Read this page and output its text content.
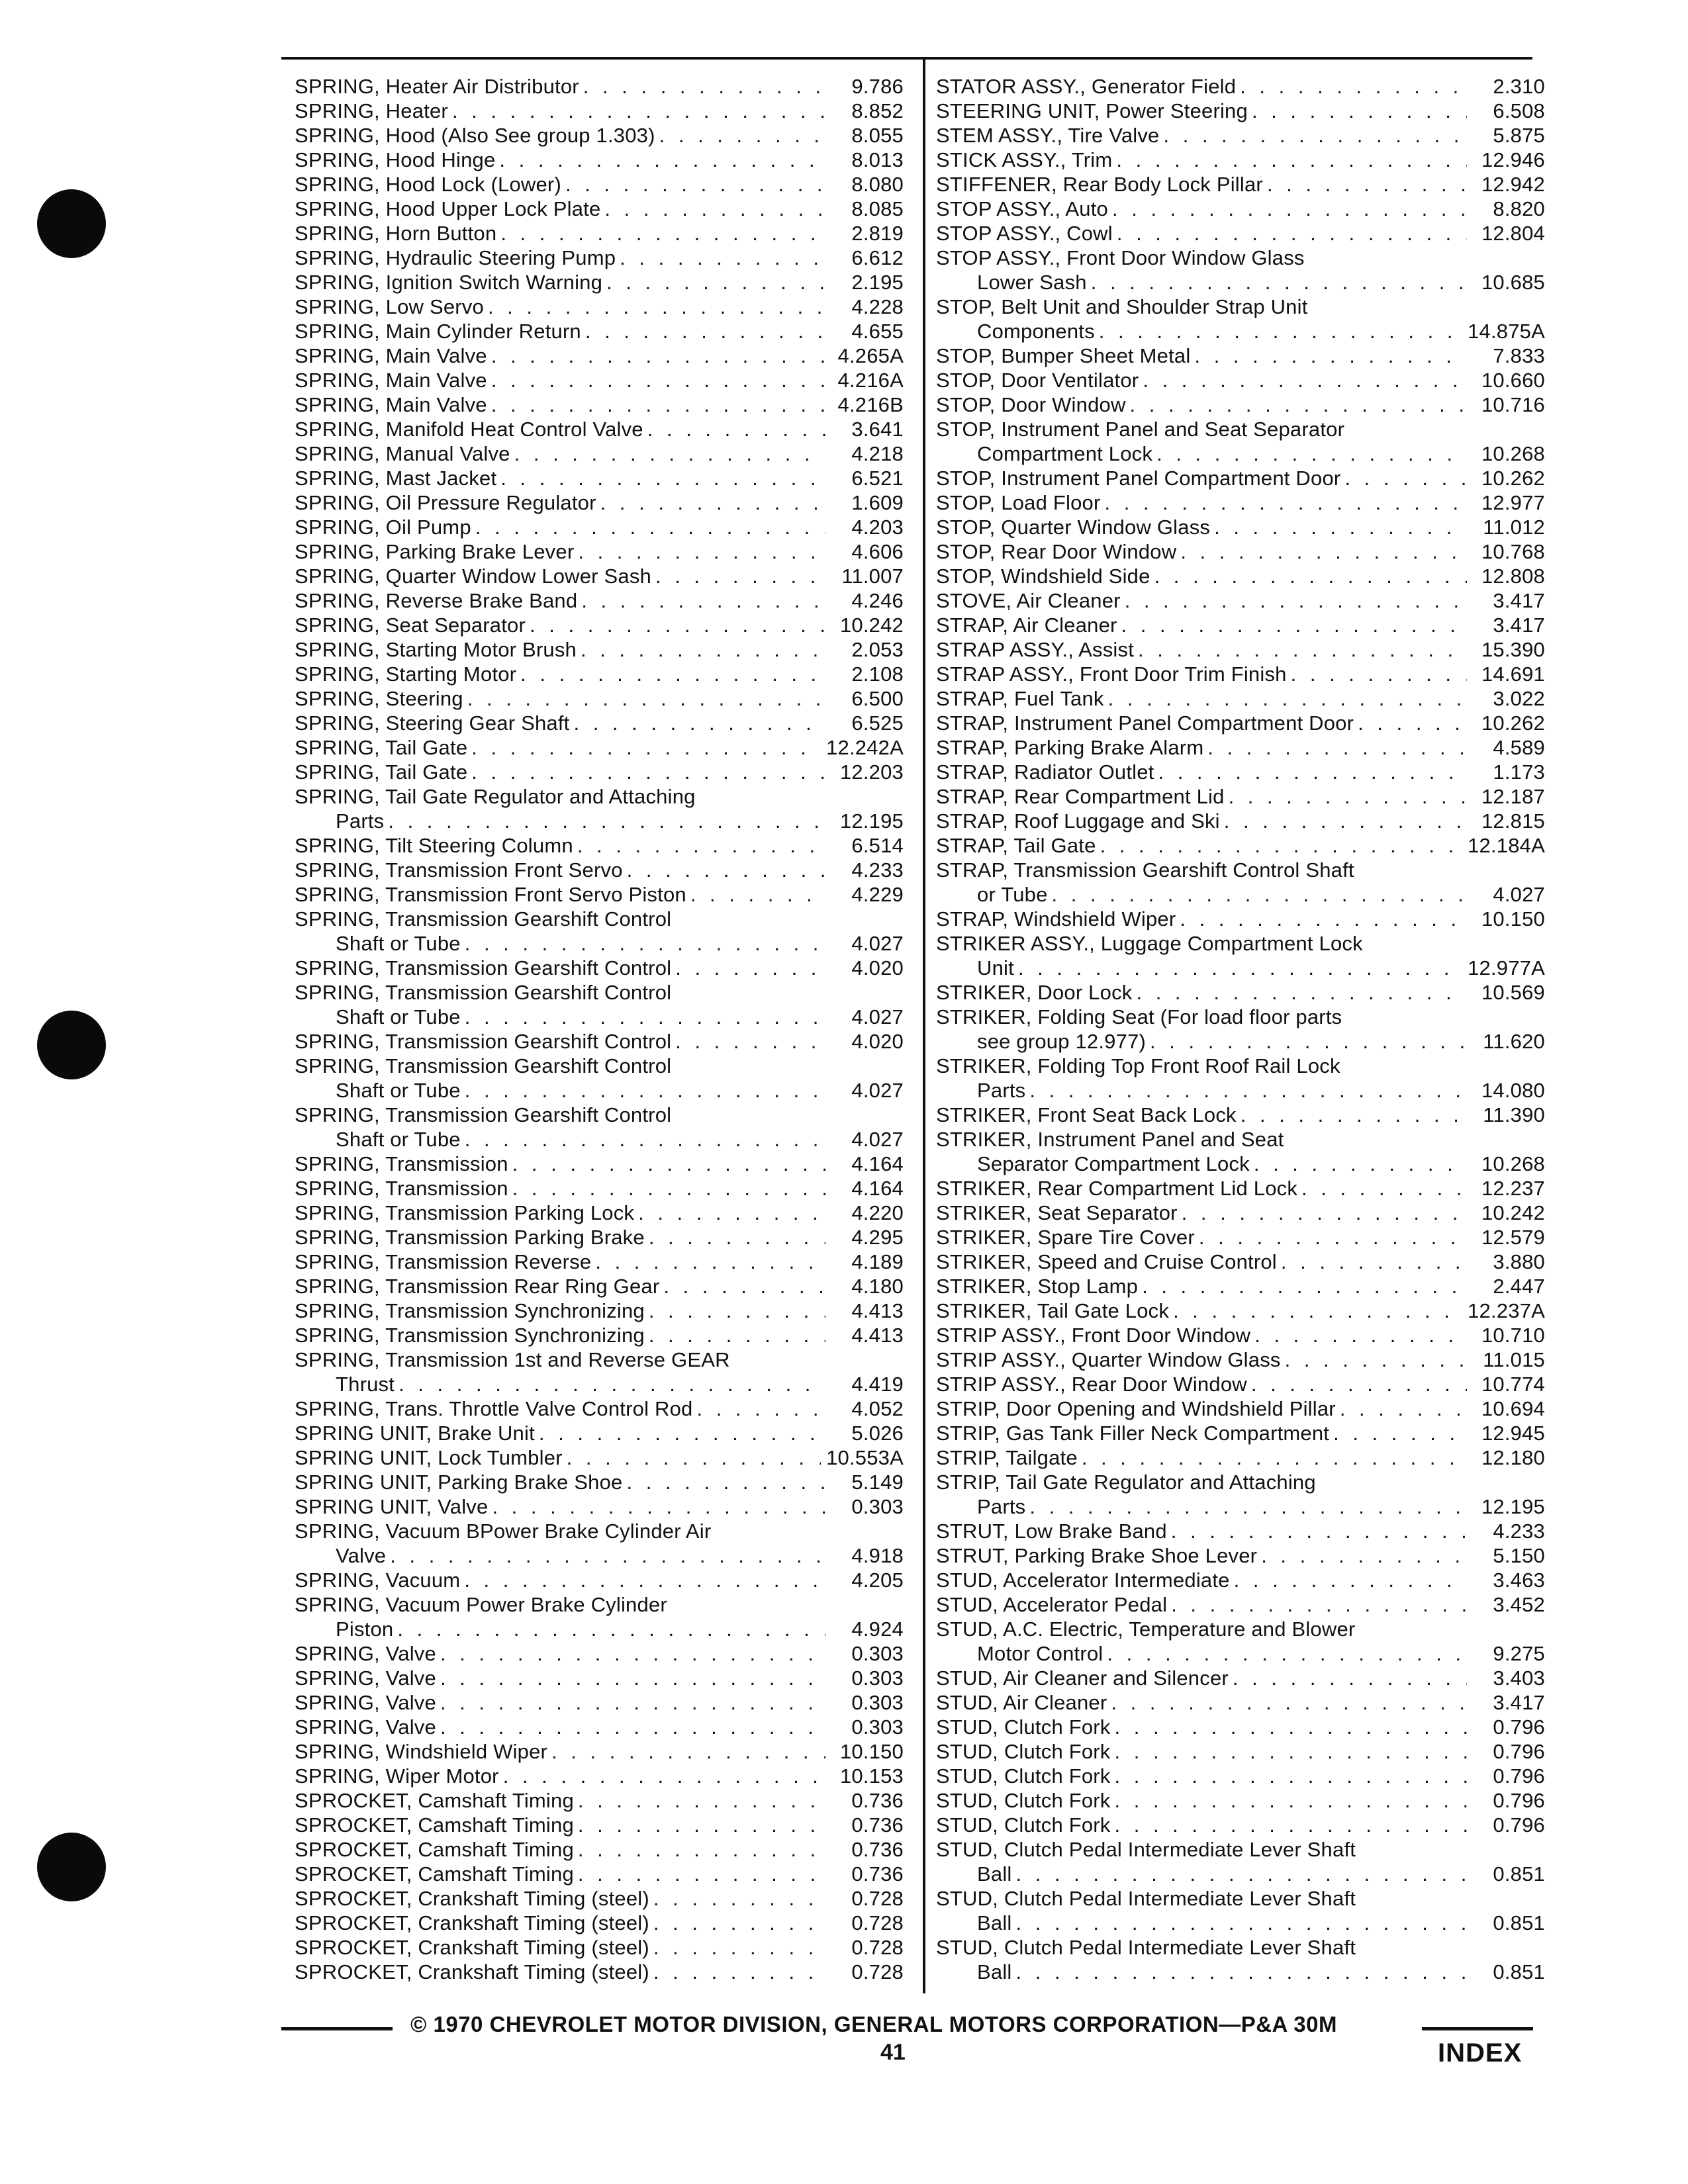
SPRING, Heater Air Distributor . . .	9.786
SPRING, Heater . . .	8.852
SPRING, Hood (Also See group 1.303) . . .	8.055
SPRING, Hood Hinge . . .	8.013
SPRING, Hood Lock (Lower) . . .	8.080
SPRING, Hood Upper Lock Plate . . .	8.085
SPRING, Horn Button . . .	2.819
SPRING, Hydraulic Steering Pump . . .	6.612
SPRING, Ignition Switch Warning . . .	2.195
SPRING, Low Servo . . .	4.228
SPRING, Main Cylinder Return . . .	4.655
SPRING, Main Valve . . .	4.265A
SPRING, Main Valve . . .	4.216A
SPRING, Main Valve . . .	4.216B
SPRING, Manifold Heat Control Valve . . .	3.641
SPRING, Manual Valve . . .	4.218
SPRING, Mast Jacket . . .	6.521
SPRING, Oil Pressure Regulator . . .	1.609
SPRING, Oil Pump . . .	4.203
SPRING, Parking Brake Lever . . .	4.606
SPRING, Quarter Window Lower Sash . . .	11.007
SPRING, Reverse Brake Band . . .	4.246
SPRING, Seat Separator . . .	10.242
SPRING, Starting Motor Brush . . .	2.053
SPRING, Starting Motor . . .	2.108
SPRING, Steering . . .	6.500
SPRING, Steering Gear Shaft . . .	6.525
SPRING, Tail Gate . . .	12.242A
SPRING, Tail Gate . . .	12.203
SPRING, Tail Gate Regulator and Attaching
Parts . . .	12.195
SPRING, Tilt Steering Column . . .	6.514
SPRING, Transmission Front Servo . . .	4.233
SPRING, Transmission Front Servo Piston . . .	4.229
SPRING, Transmission Gearshift Control
Shaft or Tube . . .	4.027
SPRING, Transmission Gearshift Control . . .	4.020
SPRING, Transmission Gearshift Control
Shaft or Tube . . .	4.027
SPRING, Transmission Gearshift Control . . .	4.020
SPRING, Transmission Gearshift Control
Shaft or Tube . . .	4.027
SPRING, Transmission Gearshift Control
Shaft or Tube . . .	4.027
SPRING, Transmission . . .	4.164
SPRING, Transmission . . .	4.164
SPRING, Transmission Parking Lock . . .	4.220
SPRING, Transmission Parking Brake . . .	4.295
SPRING, Transmission Reverse . . .	4.189
SPRING, Transmission Rear Ring Gear . . .	4.180
SPRING, Transmission Synchronizing . . .	4.413
SPRING, Transmission Synchronizing . . .	4.413
SPRING, Transmission 1st and Reverse GEAR
Thrust . . .	4.419
SPRING, Trans. Throttle Valve Control Rod . . .	4.052
SPRING UNIT, Brake Unit . . .	5.026
SPRING UNIT, Lock Tumbler . . .	10.553A
SPRING UNIT, Parking Brake Shoe . . .	5.149
SPRING UNIT, Valve . . .	0.303
SPRING, Vacuum BPower Brake Cylinder Air
Valve . . .	4.918
SPRING, Vacuum . . .	4.205
SPRING, Vacuum Power Brake Cylinder
Piston . . .	4.924
SPRING, Valve . . .	0.303
SPRING, Valve . . .	0.303
SPRING, Valve . . .	0.303
SPRING, Valve . . .	0.303
SPRING, Windshield Wiper . . .	10.150
SPRING, Wiper Motor . . .	10.153
SPROCKET, Camshaft Timing . . .	0.736
SPROCKET, Camshaft Timing . . .	0.736
SPROCKET, Camshaft Timing . . .	0.736
SPROCKET, Camshaft Timing . . .	0.736
SPROCKET, Crankshaft Timing (steel) . . .	0.728
SPROCKET, Crankshaft Timing (steel) . . .	0.728
SPROCKET, Crankshaft Timing (steel) . . .	0.728
SPROCKET, Crankshaft Timing (steel) . . .	0.728
STATOR ASSY., Generator Field . . .	2.310
STEERING UNIT, Power Steering . . .	6.508
STEM ASSY., Tire Valve . . .	5.875
STICK ASSY., Trim . . .	12.946
STIFFENER, Rear Body Lock Pillar . . .	12.942
STOP ASSY., Auto . . .	8.820
STOP ASSY., Cowl . . .	12.804
STOP ASSY., Front Door Window Glass
Lower Sash . . .	10.685
STOP, Belt Unit and Shoulder Strap Unit
Components . . .	14.875A
STOP, Bumper Sheet Metal . . .	7.833
STOP, Door Ventilator . . .	10.660
STOP, Door Window . . .	10.716
STOP, Instrument Panel and Seat Separator
Compartment Lock . . .	10.268
STOP, Instrument Panel Compartment Door . . .	10.262
STOP, Load Floor . . .	12.977
STOP, Quarter Window Glass . . .	11.012
STOP, Rear Door Window . . .	10.768
STOP, Windshield Side . . .	12.808
STOVE, Air Cleaner . . .	3.417
STRAP, Air Cleaner . . .	3.417
STRAP ASSY., Assist . . .	15.390
STRAP ASSY., Front Door Trim Finish . . .	14.691
STRAP, Fuel Tank . . .	3.022
STRAP, Instrument Panel Compartment Door . . .	10.262
STRAP, Parking Brake Alarm . . .	4.589
STRAP, Radiator Outlet . . .	1.173
STRAP, Rear Compartment Lid . . .	12.187
STRAP, Roof Luggage and Ski . . .	12.815
STRAP, Tail Gate . . .	12.184A
STRAP, Transmission Gearshift Control Shaft
or Tube . . .	4.027
STRAP, Windshield Wiper . . .	10.150
STRIKER ASSY., Luggage Compartment Lock
Unit . . .	12.977A
STRIKER, Door Lock . . .	10.569
STRIKER, Folding Seat (For load floor parts
see group 12.977) . . .	11.620
STRIKER, Folding Top Front Roof Rail Lock
Parts . . .	14.080
STRIKER, Front Seat Back Lock . . .	11.390
STRIKER, Instrument Panel and Seat
Separator Compartment Lock . . .	10.268
STRIKER, Rear Compartment Lid Lock . . .	12.237
STRIKER, Seat Separator . . .	10.242
STRIKER, Spare Tire Cover . . .	12.579
STRIKER, Speed and Cruise Control . . .	3.880
STRIKER, Stop Lamp . . .	2.447
STRIKER, Tail Gate Lock . . .	12.237A
STRIP ASSY., Front Door Window . . .	10.710
STRIP ASSY., Quarter Window Glass . . .	11.015
STRIP ASSY., Rear Door Window . . .	10.774
STRIP, Door Opening and Windshield Pillar . . .	10.694
STRIP, Gas Tank Filler Neck Compartment . . .	12.945
STRIP, Tailgate . . .	12.180
STRIP, Tail Gate Regulator and Attaching
Parts . . .	12.195
STRUT, Low Brake Band . . .	4.233
STRUT, Parking Brake Shoe Lever . . .	5.150
STUD, Accelerator Intermediate . . .	3.463
STUD, Accelerator Pedal . . .	3.452
STUD, A.C. Electric, Temperature and Blower
Motor Control . . .	9.275
STUD, Air Cleaner and Silencer . . .	3.403
STUD, Air Cleaner . . .	3.417
STUD, Clutch Fork . . .	0.796
STUD, Clutch Fork . . .	0.796
STUD, Clutch Fork . . .	0.796
STUD, Clutch Fork . . .	0.796
STUD, Clutch Fork . . .	0.796
STUD, Clutch Pedal Intermediate Lever Shaft
Ball . . .	0.851
STUD, Clutch Pedal Intermediate Lever Shaft
Ball . . .	0.851
STUD, Clutch Pedal Intermediate Lever Shaft
Ball . . .	0.851
© 1970 CHEVROLET MOTOR DIVISION, GENERAL MOTORS CORPORATION—P&A 30M
41	INDEX
